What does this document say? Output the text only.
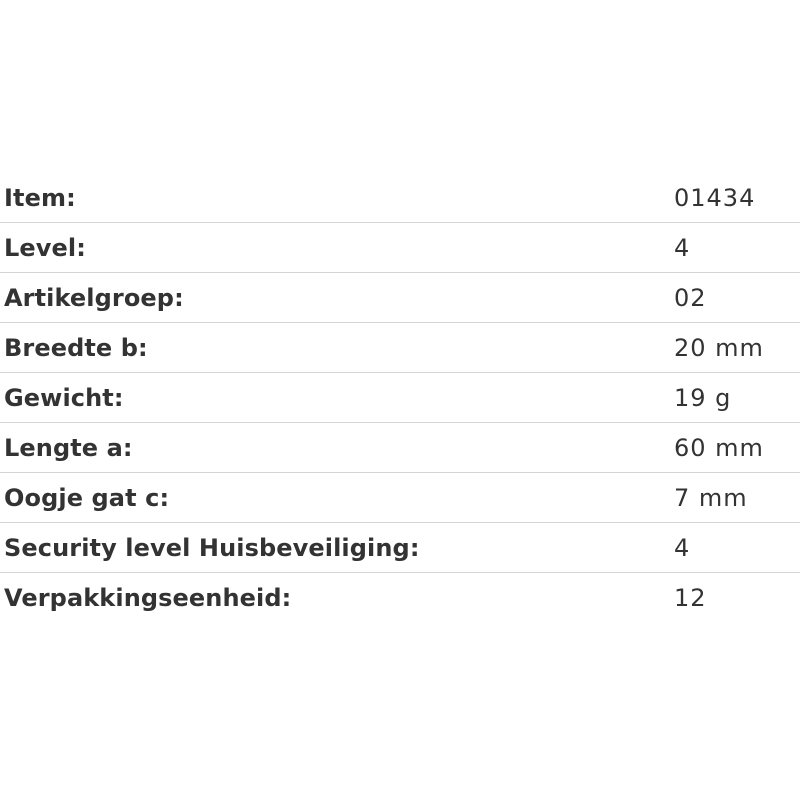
Item:	01434
Level:	4
Artikelgroep:	02
Breedte b:	20 mm
Gewicht:	19 g
Lengte a:	60 mm
Oogje gat c:	7 mm
Security level Huisbeveiliging:	4
Verpakkingseenheid:	12
